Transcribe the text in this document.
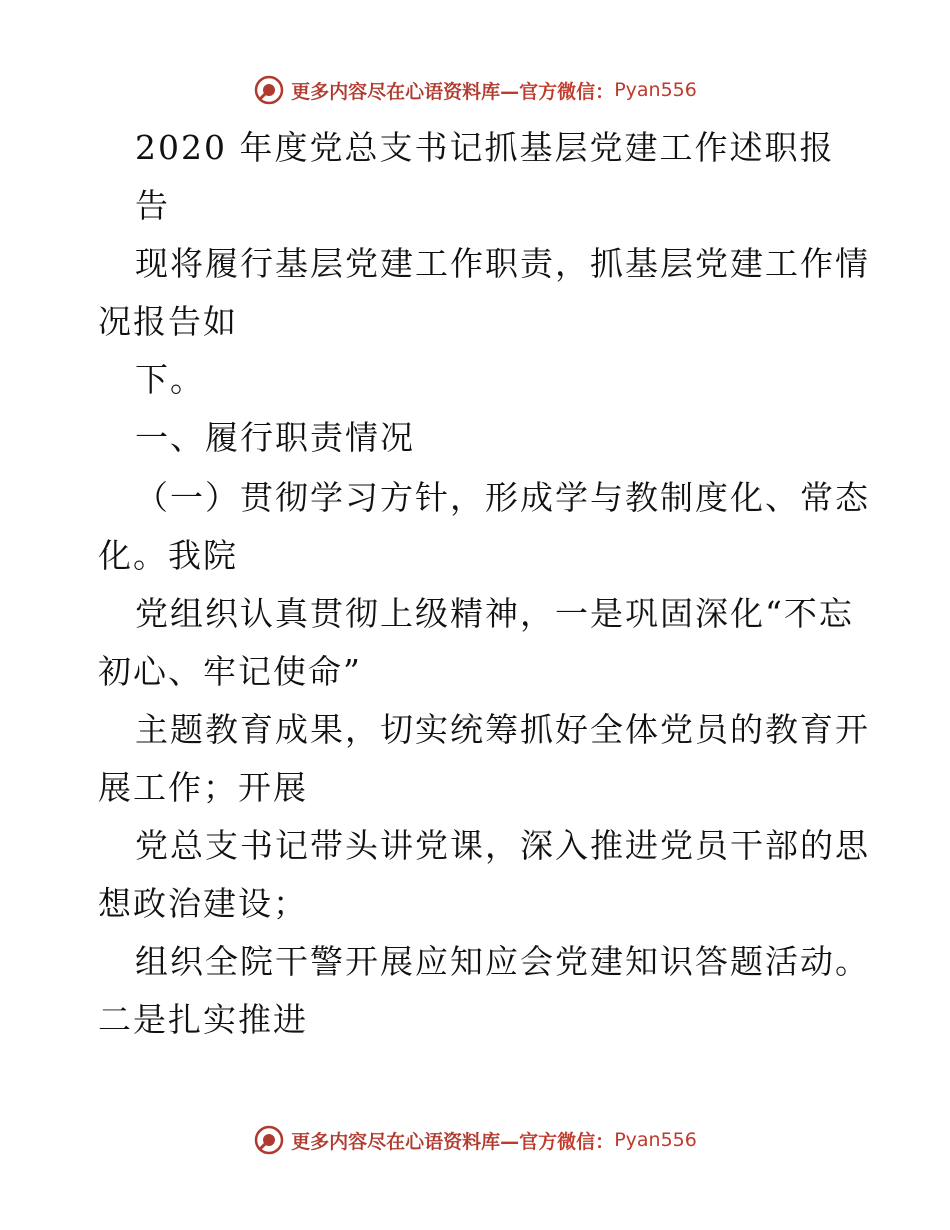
更多内容尽在心语资料库 —官方微信： Pyan556
2020 年度党总支书记抓基层党建工作述职报
告
现将履行基层党建工作职责，抓基层党建工作情
况报告如
下。
一、履行职责情况
（一）贯彻学习方针，形成学与教制度化、常态
化。我院
党组织认真贯彻上级精神，一是巩固深化“不忘
初心、牢记使命”
主题教育成果，切实统筹抓好全体党员的教育开
展工作；开展
党总支书记带头讲党课，深入推进党员干部的思
想政治建设；
组织全院干警开展应知应会党建知识答题活动。
二是扎实推进
更多内容尽在心语资料库 —官方微信： Pyan556
